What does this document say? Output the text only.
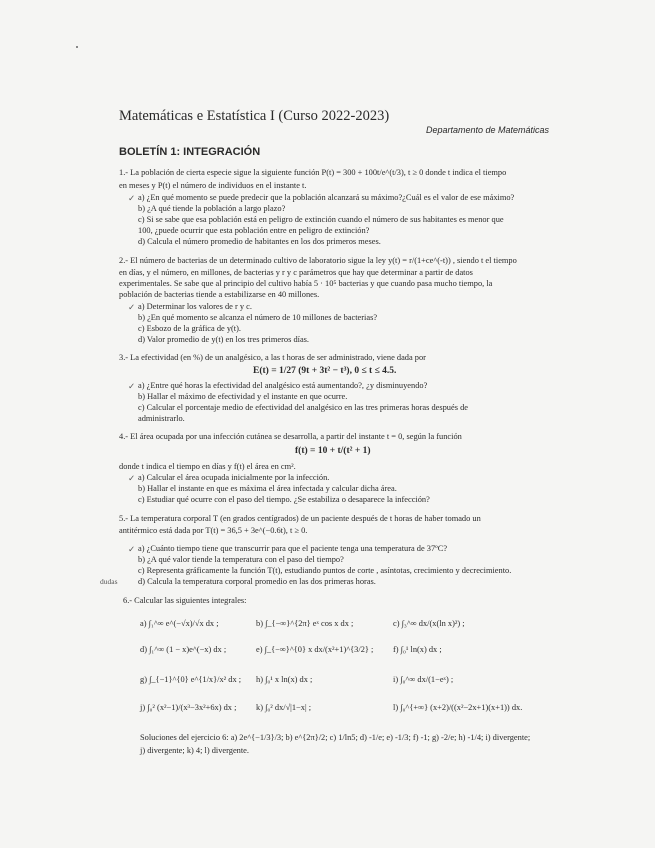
Matemáticas e Estatística I (Curso 2022-2023)
Departamento de Matemáticas
BOLETÍN 1: INTEGRACIÓN
1.- La población de cierta especie sigue la siguiente función P(t) = 300 + 100t/e^(t/3), t ≥ 0 donde t indica el tiempo
en meses y P(t) el número de individuos en el instante t.
✓ a) ¿En qué momento se puede predecir que la población alcanzará su máximo?¿Cuál es el valor de ese máximo?
b) ¿A qué tiende la población a largo plazo?
c) Si se sabe que esa población está en peligro de extinción cuando el número de sus habitantes es menor que
100, ¿puede ocurrir que esta población entre en peligro de extinción?
d) Calcula el número promedio de habitantes en los dos primeros meses.
2.- El número de bacterias de un determinado cultivo de laboratorio sigue la ley y(t) = r/(1+ce^(-t)) , siendo t el tiempo
en días, y el número, en millones, de bacterias y r y c parámetros que hay que determinar a partir de datos
experimentales. Se sabe que al principio del cultivo había 5 · 10⁵ bacterias y que cuando pasa mucho tiempo, la
población de bacterias tiende a estabilizarse en 40 millones.
✓ a) Determinar los valores de r y c.
b) ¿En qué momento se alcanza el número de 10 millones de bacterias?
c) Esbozo de la gráfica de y(t).
d) Valor promedio de y(t) en los tres primeros días.
3.- La efectividad (en %) de un analgésico, a las t horas de ser administrado, viene dada por
E(t) = 1/27 (9t + 3t² − t³), 0 ≤ t ≤ 4.5.
✓ a) ¿Entre qué horas la efectividad del analgésico está aumentando?, ¿y disminuyendo?
b) Hallar el máximo de efectividad y el instante en que ocurre.
c) Calcular el porcentaje medio de efectividad del analgésico en las tres primeras horas después de
administrarlo.
4.- El área ocupada por una infección cutánea se desarrolla, a partir del instante t = 0, según la función
f(t) = 10 + t/(t² + 1)
donde t indica el tiempo en días y f(t) el área en cm².
✓ a) Calcular el área ocupada inicialmente por la infección.
b) Hallar el instante en que es máxima el área infectada y calcular dicha área.
c) Estudiar qué ocurre con el paso del tiempo. ¿Se estabiliza o desaparece la infección?
5.- La temperatura corporal T (en grados centígrados) de un paciente después de t horas de haber tomado un
antitérmico está dada por T(t) = 36,5 + 3e^(−0.6t), t ≥ 0.
✓ a) ¿Cuánto tiempo tiene que transcurrir para que el paciente tenga una temperatura de 37ºC?
b) ¿A qué valor tiende la temperatura con el paso del tiempo?
c) Representa gráficamente la función T(t), estudiando puntos de corte , asíntotas, crecimiento y decrecimiento.
dudas d) Calcula la temperatura corporal promedio en las dos primeras horas.
6.- Calcular las siguientes integrales:
a) ∫₁^∞ e^(−√x)/√x dx ;	b) ∫_{−∞}^{2π} eˣ cos x dx ;	c) ∫₃^∞ dx/(x(ln x)²) ;
d) ∫₁^∞ (1 − x)e^(−x) dx ;	e) ∫_{−∞}^{0} x dx/(x²+1)^{3/2} ; f) ∫₀¹ ln(x) dx ;
g) ∫_{−1}^{0} e^{1/x}/x² dx ; h) ∫₀¹ x ln(x) dx ;	i) ∫₀^∞ dx/(1−eˣ) ;
j) ∫₀² (x²−1)/(x³−3x²+6x) dx ; k) ∫₀² dx/√|1−x| ;	l) ∫₀^{+∞} (x+2)/((x²−2x+1)(x+1)) dx.
Soluciones del ejercicio 6: a) 2e^{−1/3}/3; b) e^{2π}/2; c) 1/ln5; d) -1/e; e) -1/3; f) -1; g) -2/e; h) -1/4; i) divergente;
j) divergente; k) 4; l) divergente.
